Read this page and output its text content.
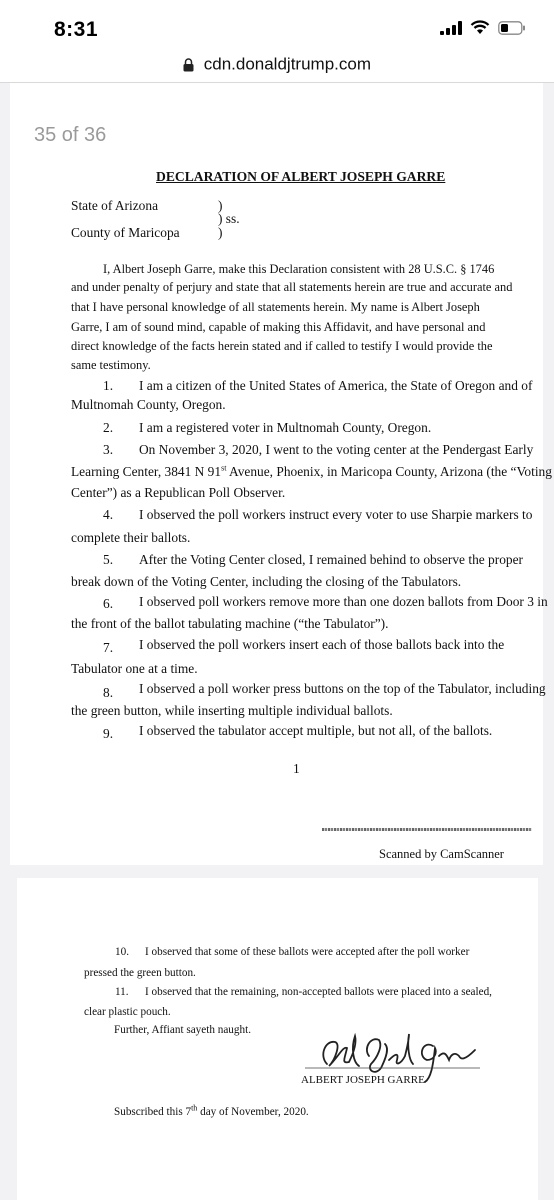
8:31
cdn.donaldjtrump.com
35 of 36
DECLARATION OF ALBERT JOSEPH GARRE
State of Arizona	)
) ss.
County of Maricopa	)
I, Albert Joseph Garre, make this Declaration consistent with 28 U.S.C. § 1746
and under penalty of perjury and state that all statements herein are true and accurate and
that I have personal knowledge of all statements herein. My name is Albert Joseph
Garre, I am of sound mind, capable of making this Affidavit, and have personal and
direct knowledge of the facts herein stated and if called to testify I would provide the
same testimony.
1. I am a citizen of the United States of America, the State of Oregon and of
Multnomah County, Oregon.
2. I am a registered voter in Multnomah County, Oregon.
3. On November 3, 2020, I went to the voting center at the Pendergast Early
Learning Center, 3841 N 91st Avenue, Phoenix, in Maricopa County, Arizona (the “Voting
Center”) as a Republican Poll Observer.
4. I observed the poll workers instruct every voter to use Sharpie markers to
complete their ballots.
5. After the Voting Center closed, I remained behind to observe the proper
break down of the Voting Center, including the closing of the Tabulators.
6. I observed poll workers remove more than one dozen ballots from Door 3 in
the front of the ballot tabulating machine (“the Tabulator”).
7. I observed the poll workers insert each of those ballots back into the
Tabulator one at a time.
8. I observed a poll worker press buttons on the top of the Tabulator, including
the green button, while inserting multiple individual ballots.
9. I observed the tabulator accept multiple, but not all, of the ballots.
1
Scanned by CamScanner
10. I observed that some of these ballots were accepted after the poll worker
pressed the green button.
11. I observed that the remaining, non-accepted ballots were placed into a sealed,
clear plastic pouch.
Further, Affiant sayeth naught.
ALBERT JOSEPH GARRE
Subscribed this 7th day of November, 2020.
